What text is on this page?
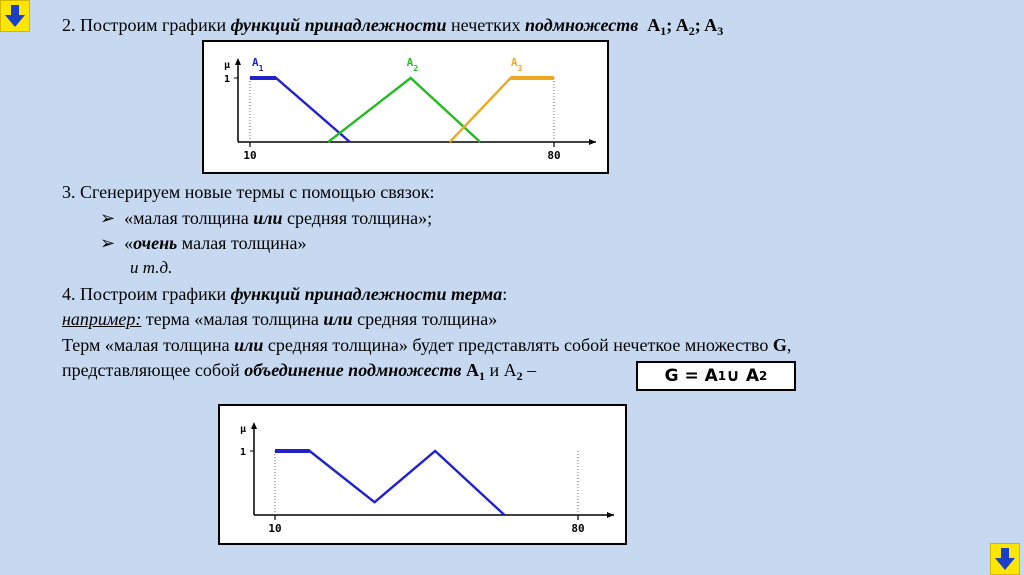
2. Построим графики функций принадлежности нечетких подмножеств $A_1$; $A_2$; $A_3$
μ
1
10	80
$A_1$	$A_2$	$A_3$
3. Сгенерируем новые термы с помощью связок:
➢ «малая толщина или средняя толщина»;
➢ «очень малая толщина»
и т.д.
4. Построим графики функций принадлежности терма:
например: терма «малая толщина или средняя толщина»
Терм «малая толщина или средняя толщина» будет представлять собой нечеткое множество G,
представляющее собой объединение подмножеств $A_1$ и $A_2$ –	G = A 1 ∪ A 2
μ
1
10	80
